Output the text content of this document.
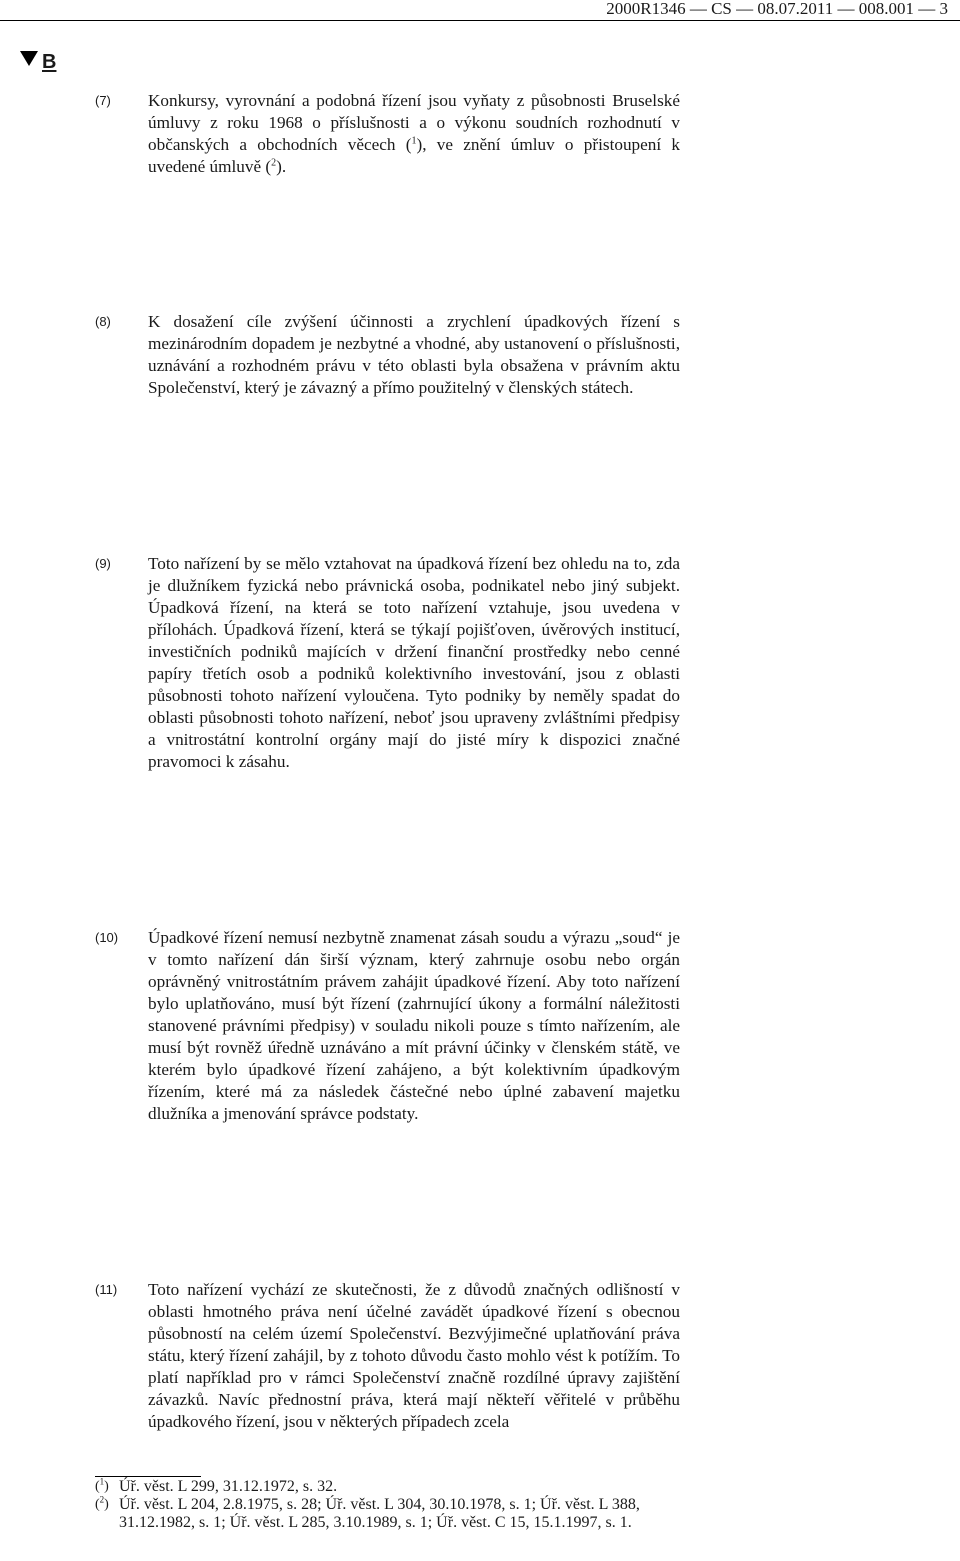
2000R1346 — CS — 08.07.2011 — 008.001 — 3
B
(7) Konkursy, vyrovnání a podobná řízení jsou vyňaty z působnosti Bruselské úmluvy z roku 1968 o příslušnosti a o výkonu soudních rozhodnutí v občanských a obchodních věcech ($^1$), ve znění úmluv o přistoupení k uvedené úmluvě ($^2$).

(8) K dosažení cíle zvýšení účinnosti a zrychlení úpadkových řízení s mezinárodním dopadem je nezbytné a vhodné, aby ustanovení o příslušnosti, uznávání a rozhodném právu v této oblasti byla obsažena v právním aktu Společenství, který je závazný a přímo použitelný v členských státech.

(9) Toto nařízení by se mělo vztahovat na úpadková řízení bez ohledu na to, zda je dlužníkem fyzická nebo právnická osoba, podnikatel nebo jiný subjekt. Úpadková řízení, na která se toto nařízení vztahuje, jsou uvedena v přílohách. Úpadková řízení, která se týkají pojišťoven, úvěrových institucí, investičních podniků majících v držení finanční prostředky nebo cenné papíry třetích osob a podniků kolektivního investování, jsou z oblasti působnosti tohoto nařízení vyloučena. Tyto podniky by neměly spadat do oblasti působnosti tohoto nařízení, neboť jsou upraveny zvláštními předpisy a vnitrostátní kontrolní orgány mají do jisté míry k dispozici značné pravomoci k zásahu.

(10) Úpadkové řízení nemusí nezbytně znamenat zásah soudu a výrazu „soud“ je v tomto nařízení dán širší význam, který zahrnuje osobu nebo orgán oprávněný vnitrostátním právem zahájit úpadkové řízení. Aby toto nařízení bylo uplatňováno, musí být řízení (zahrnující úkony a formální náležitosti stanovené právními předpisy) v souladu nikoli pouze s tímto nařízením, ale musí být rovněž úředně uznáváno a mít právní účinky v členském státě, ve kterém bylo úpadkové řízení zahájeno, a být kolektivním úpadkovým řízením, které má za následek částečné nebo úplné zabavení majetku dlužníka a jmenování správce podstaty.

(11) Toto nařízení vychází ze skutečnosti, že z důvodů značných odlišností v oblasti hmotného práva není účelné zavádět úpadkové řízení s obecnou působností na celém území Společenství. Bezvýjimečné uplatňování práva státu, který řízení zahájil, by z tohoto důvodu často mohlo vést k potížím. To platí například pro v rámci Společenství značně rozdílné úpravy zajištění závazků. Navíc přednostní práva, která mají někteří věřitelé v průběhu úpadkového řízení, jsou v některých případech zcela

($^1$) Úř. věst. L 299, 31.12.1972, s. 32.
($^2$) Úř. věst. L 204, 2.8.1975, s. 28; Úř. věst. L 304, 30.10.1978, s. 1; Úř. věst. L 388, 31.12.1982, s. 1; Úř. věst. L 285, 3.10.1989, s. 1; Úř. věst. C 15, 15.1.1997, s. 1.
